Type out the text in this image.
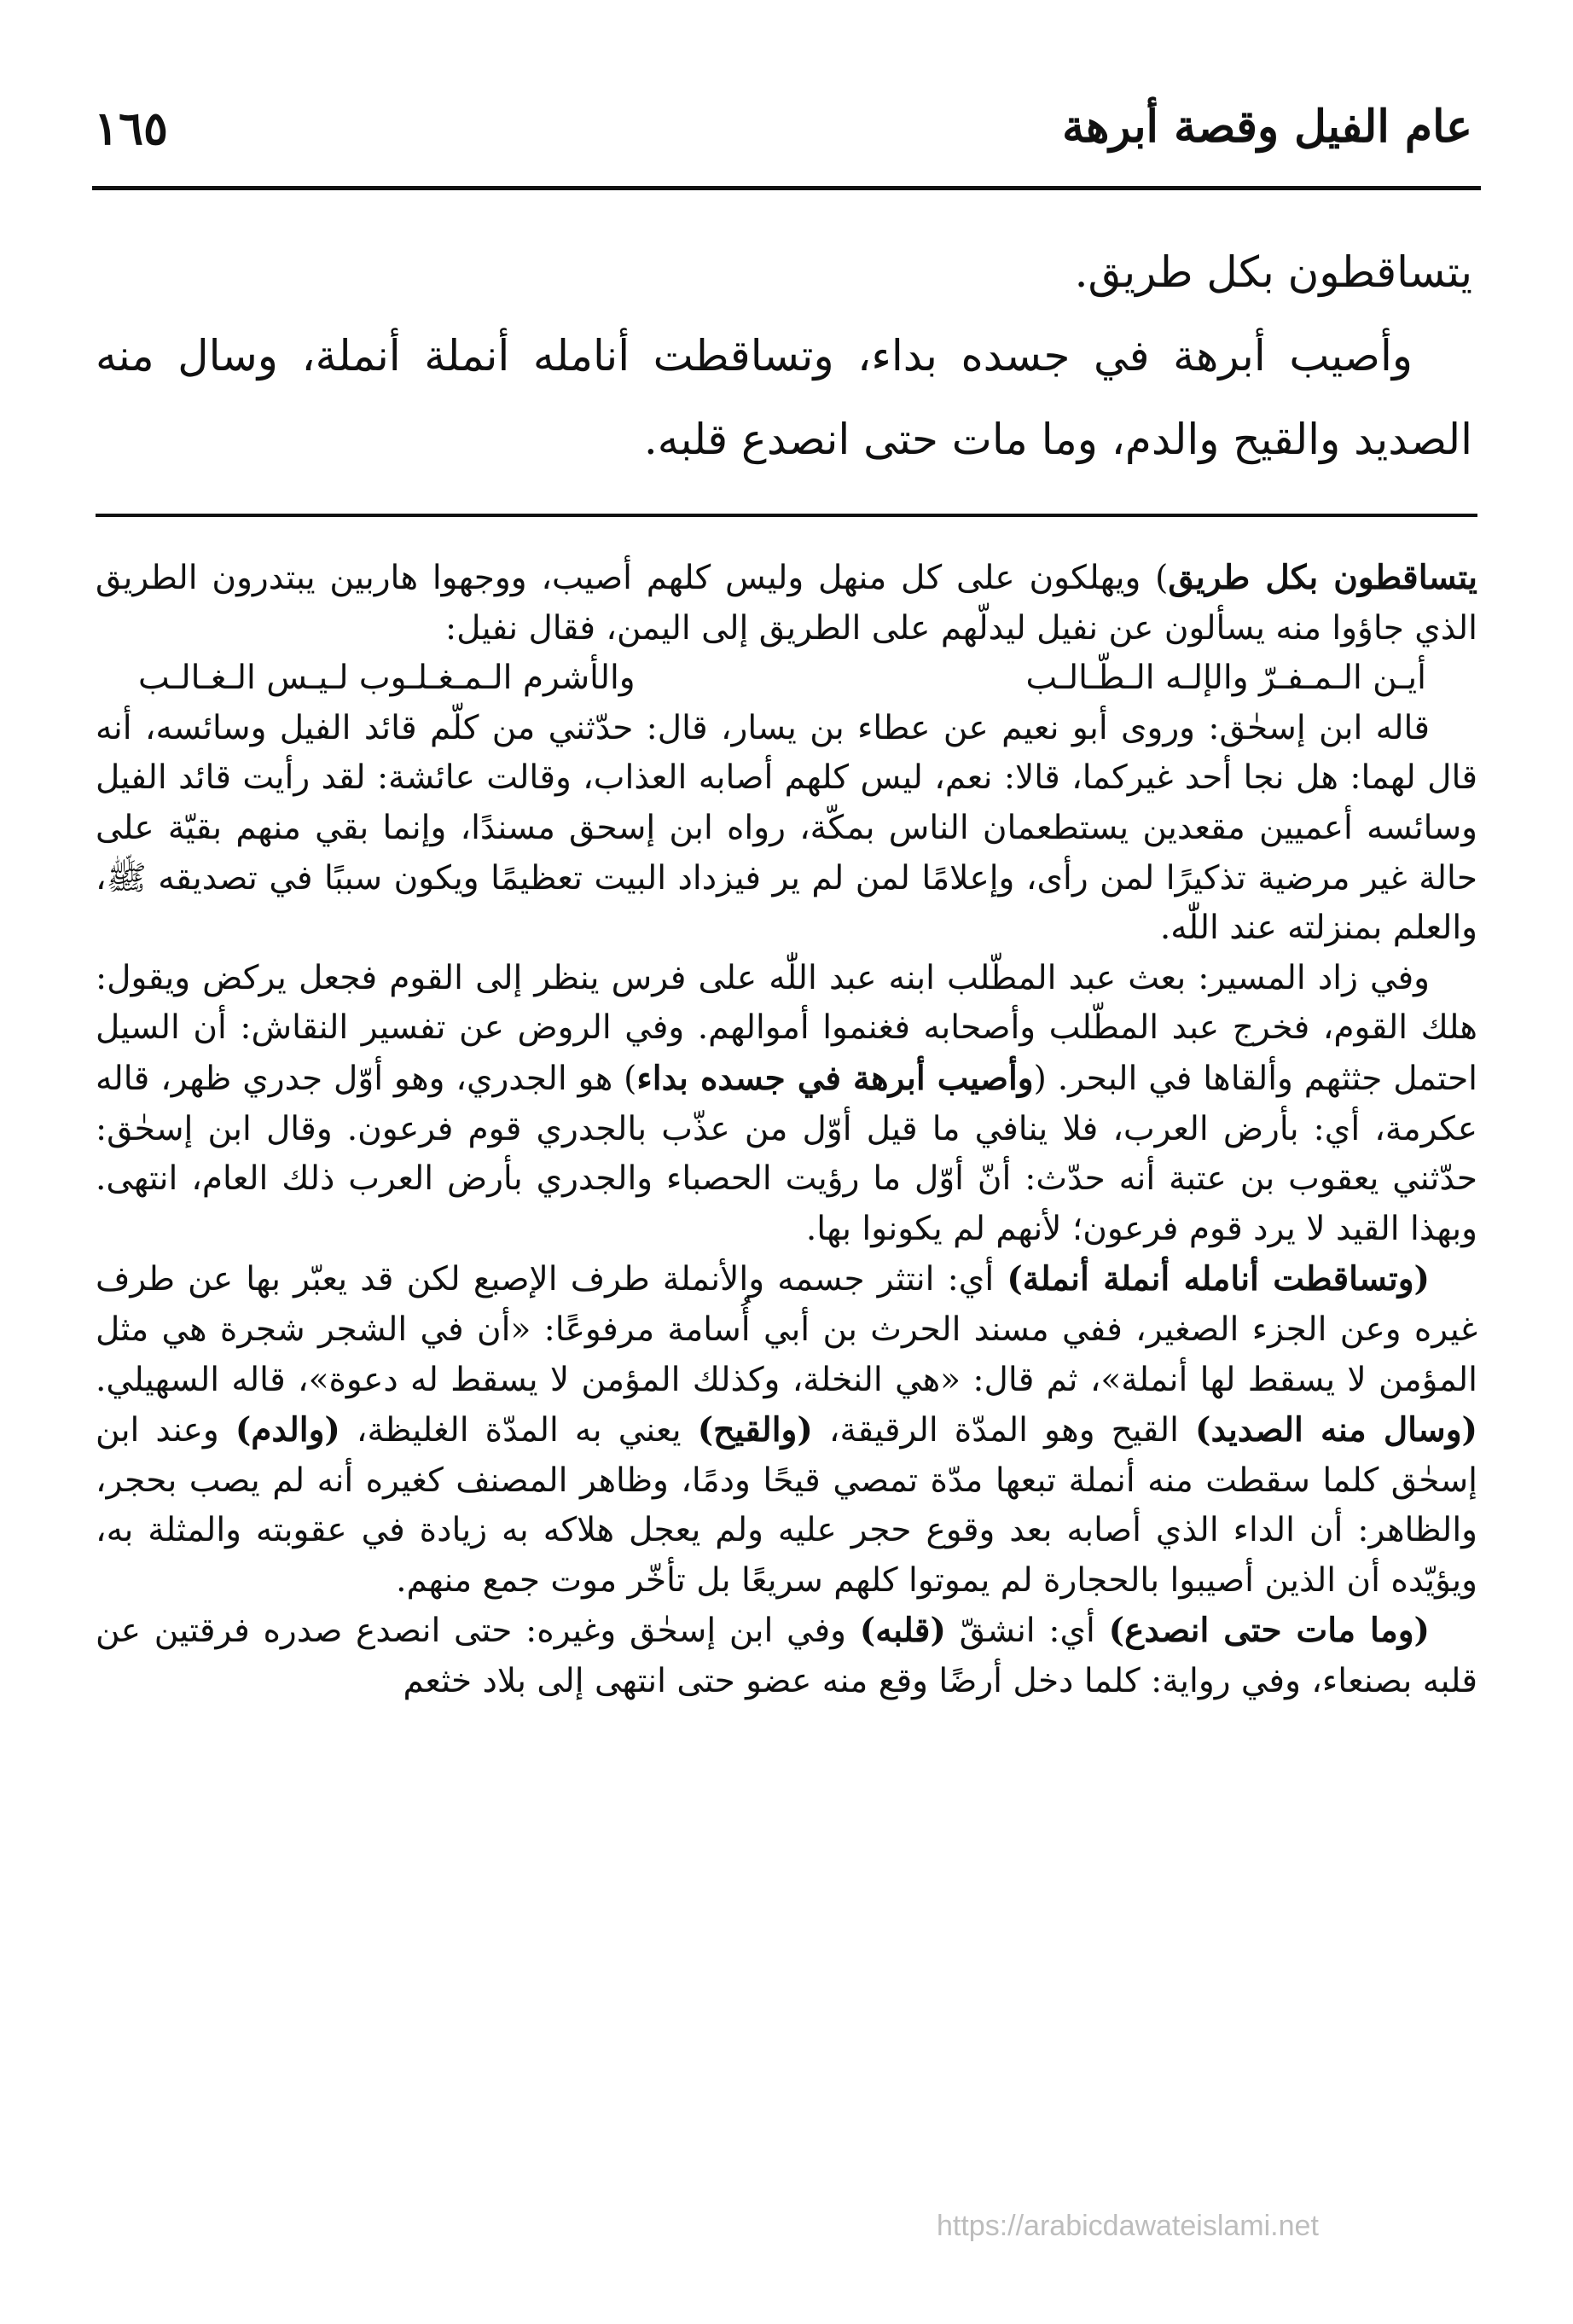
عام الفيل وقصة أبرهة
١٦٥

يتساقطون بكل طريق.

وأصيب أبرهة في جسده بداء، وتساقطت أنامله أنملة أنملة، وسال منه الصديد والقيح والدم، وما مات حتى انصدع قلبه.

يتساقطون بكل طريق) ويهلكون على كل منهل وليس كلهم أصيب، ووجهوا هاربين يبتدرون الطريق الذي جاؤوا منه يسألون عن نفيل ليدلّهم على الطريق إلى اليمن، فقال نفيل:

أيـن الـمـفـرّ والإلـه الـطّـالـب
والأشرم الـمـغـلـوب لـيـس الـغـالـب

قاله ابن إسحٰق: وروى أبو نعيم عن عطاء بن يسار، قال: حدّثني من كلّم قائد الفيل وسائسه، أنه قال لهما: هل نجا أحد غيركما، قالا: نعم، ليس كلهم أصابه العذاب، وقالت عائشة: لقد رأيت قائد الفيل وسائسه أعميين مقعدين يستطعمان الناس بمكّة، رواه ابن إسحق مسندًا، وإنما بقي منهم بقيّة على حالة غير مرضية تذكيرًا لمن رأى، وإعلامًا لمن لم ير فيزداد البيت تعظيمًا ويكون سببًا في تصديقه ﷺ، والعلم بمنزلته عند اللّٰه.

وفي زاد المسير: بعث عبد المطّلب ابنه عبد اللّٰه على فرس ينظر إلى القوم فجعل يركض ويقول: هلك القوم، فخرج عبد المطّلب وأصحابه فغنموا أموالهم. وفي الروض عن تفسير النقاش: أن السيل احتمل جثثهم وألقاها في البحر. (وأصيب أبرهة في جسده بداء) هو الجدري، وهو أوّل جدري ظهر، قاله عكرمة، أي: بأرض العرب، فلا ينافي ما قيل أوّل من عذّب بالجدري قوم فرعون. وقال ابن إسحٰق: حدّثني يعقوب بن عتبة أنه حدّث: أنّ أوّل ما رؤيت الحصباء والجدري بأرض العرب ذلك العام، انتهى. وبهذا القيد لا يرد قوم فرعون؛ لأنهم لم يكونوا بها.

(وتساقطت أنامله أنملة أنملة) أي: انتثر جسمه والأنملة طرف الإصبع لكن قد يعبّر بها عن طرف غيره وعن الجزء الصغير، ففي مسند الحرث بن أبي أُسامة مرفوعًا: «أن في الشجر شجرة هي مثل المؤمن لا يسقط لها أنملة»، ثم قال: «هي النخلة، وكذلك المؤمن لا يسقط له دعوة»، قاله السهيلي. (وسال منه الصديد) القيح وهو المدّة الرقيقة، (والقيح) يعني به المدّة الغليظة، (والدم) وعند ابن إسحٰق كلما سقطت منه أنملة تبعها مدّة تمصي قيحًا ودمًا، وظاهر المصنف كغيره أنه لم يصب بحجر، والظاهر: أن الداء الذي أصابه بعد وقوع حجر عليه ولم يعجل هلاكه به زيادة في عقوبته والمثلة به، ويؤيّده أن الذين أصيبوا بالحجارة لم يموتوا كلهم سريعًا بل تأخّر موت جمع منهم.

(وما مات حتى انصدع) أي: انشقّ (قلبه) وفي ابن إسحٰق وغيره: حتى انصدع صدره فرقتين عن قلبه بصنعاء، وفي رواية: كلما دخل أرضًا وقع منه عضو حتى انتهى إلى بلاد خثعم

https://arabicdawateislami.net
